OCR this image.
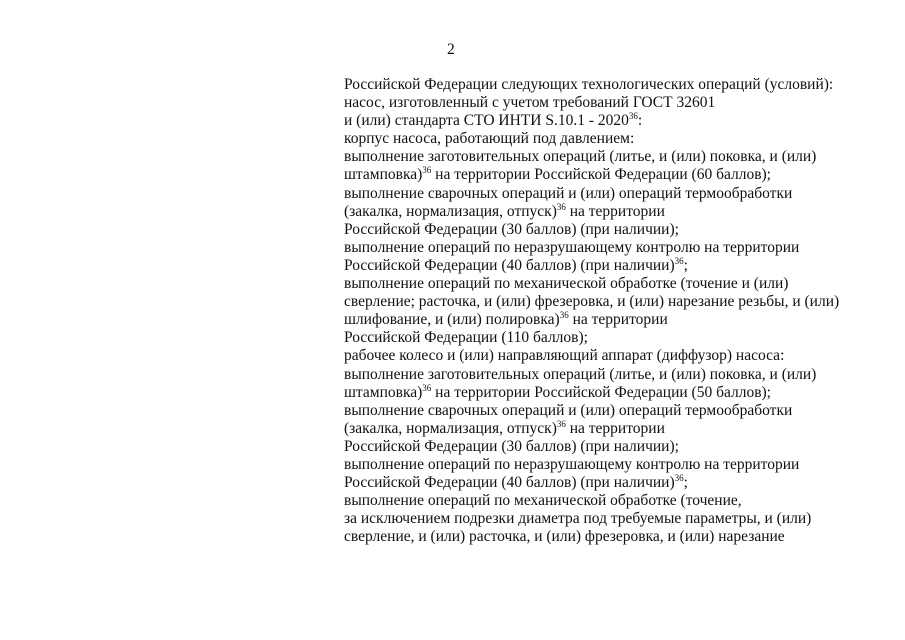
2
Российской Федерации следующих технологических операций (условий):
насос, изготовленный с учетом требований ГОСТ 32601
и (или) стандарта СТО ИНТИ S.10.1 - 2020$^{36}$:
корпус насоса, работающий под давлением:
выполнение заготовительных операций (литье, и (или) поковка, и (или)
штамповка)$^{36}$ на территории Российской Федерации (60 баллов);
выполнение сварочных операций и (или) операций термообработки
(закалка, нормализация, отпуск)$^{36}$ на территории
Российской Федерации (30 баллов) (при наличии);
выполнение операций по неразрушающему контролю на территории
Российской Федерации (40 баллов) (при наличии)$^{36}$;
выполнение операций по механической обработке (точение и (или)
сверление; расточка, и (или) фрезеровка, и (или) нарезание резьбы, и (или)
шлифование, и (или) полировка)$^{36}$ на территории
Российской Федерации (110 баллов);
рабочее колесо и (или) направляющий аппарат (диффузор) насоса:
выполнение заготовительных операций (литье, и (или) поковка, и (или)
штамповка)$^{36}$ на территории Российской Федерации (50 баллов);
выполнение сварочных операций и (или) операций термообработки
(закалка, нормализация, отпуск)$^{36}$ на территории
Российской Федерации (30 баллов) (при наличии);
выполнение операций по неразрушающему контролю на территории
Российской Федерации (40 баллов) (при наличии)$^{36}$;
выполнение операций по механической обработке (точение,
за исключением подрезки диаметра под требуемые параметры, и (или)
сверление, и (или) расточка, и (или) фрезеровка, и (или) нарезание
